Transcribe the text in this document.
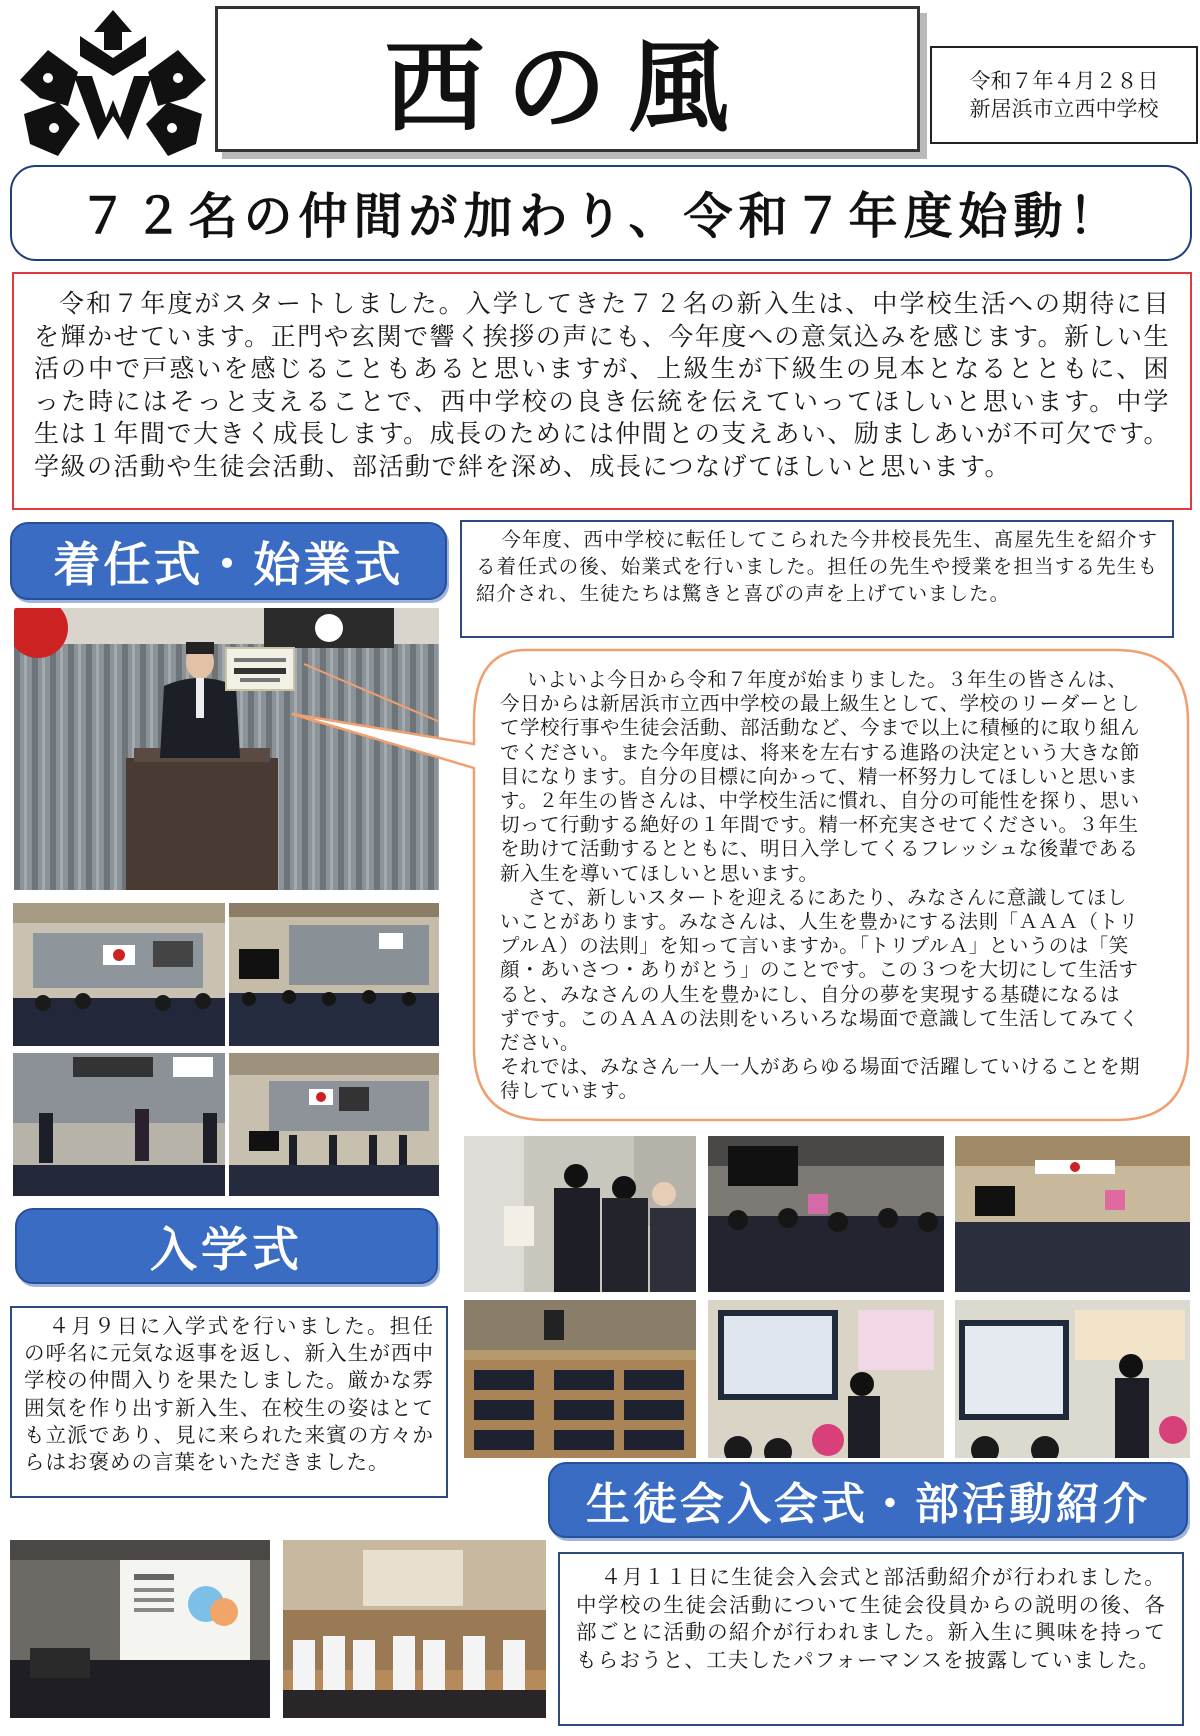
西の風	令和７年４月２８日
新居浜市立西中学校
７２名の仲間が加わり、令和７年度始動！

令和７年度がスタートしました。入学してきた７２名の新入生は、中学校生活への期待に目を輝かせています。正門や玄関で響く挨拶の声にも、今年度への意気込みを感じます。新しい生活の中で戸惑いを感じることもあると思いますが、上級生が下級生の見本となるとともに、困った時にはそっと支えることで、西中学校の良き伝統を伝えていってほしいと思います。中学生は１年間で大きく成長します。成長のためには仲間との支えあい、励ましあいが不可欠です。学級の活動や生徒会活動、部活動で絆を深め、成長につなげてほしいと思います。

着任式・始業式	今年度、西中学校に転任してこられた今井校長先生、髙屋先生を紹介する着任式の後、始業式を行いました。担任の先生や授業を担当する先生も紹介され、生徒たちは驚きと喜びの声を上げていました。

いよいよ今日から令和７年度が始まりました。３年生の皆さんは、今日からは新居浜市立西中学校の最上級生として、学校のリーダーとして学校行事や生徒会活動、部活動など、今まで以上に積極的に取り組んでください。また今年度は、将来を左右する進路の決定という大きな節目になります。自分の目標に向かって、精一杯努力してほしいと思います。２年生の皆さんは、中学校生活に慣れ、自分の可能性を探り、思い切って行動する絶好の１年間です。精一杯充実させてください。３年生を助けて活動するとともに、明日入学してくるフレッシュな後輩である新入生を導いてほしいと思います。

さて、新しいスタートを迎えるにあたり、みなさんに意識してほしいことがあります。みなさんは、人生を豊かにする法則「ＡＡＡ（トリプルＡ）の法則」を知って言いますか。「トリプルＡ」というのは「笑顔・あいさつ・ありがとう」のことです。この３つを大切にして生活すると、みなさんの人生を豊かにし、自分の夢を実現する基礎になるはずです。このＡＡＡの法則をいろいろな場面で意識して生活してみてください。

それでは、みなさん一人一人があらゆる場面で活躍していけることを期待しています。

入学式

４月９日に入学式を行いました。担任の呼名に元気な返事を返し、新入生が西中学校の仲間入りを果たしました。厳かな雰囲気を作り出す新入生、在校生の姿はとても立派であり、見に来られた来賓の方々からはお褒めの言葉をいただきました。

生徒会入会式・部活動紹介

４月１１日に生徒会入会式と部活動紹介が行われました。中学校の生徒会活動について生徒会役員からの説明の後、各部ごとに活動の紹介が行われました。新入生に興味を持ってもらおうと、工夫したパフォーマンスを披露していました。
